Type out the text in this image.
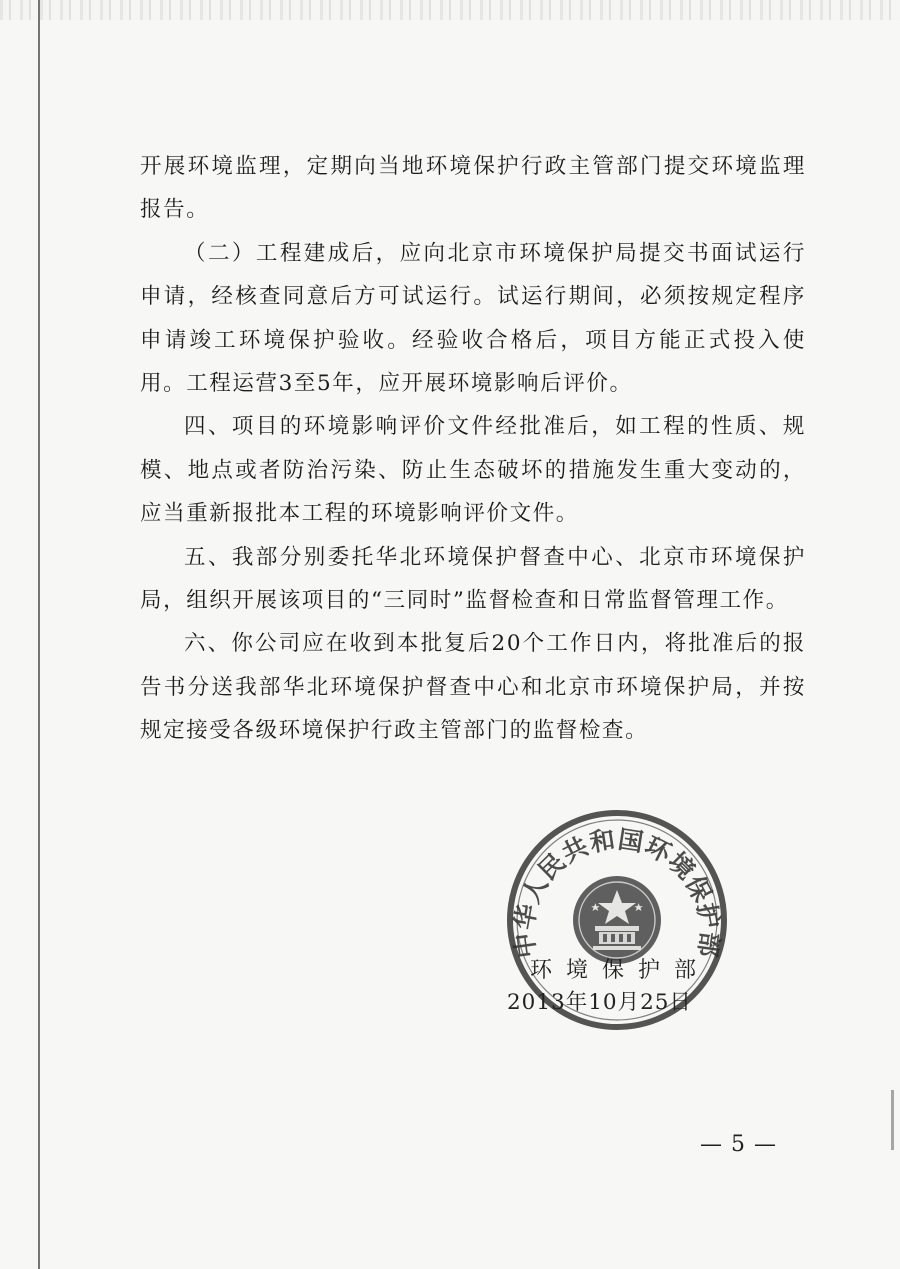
开展环境监理，定期向当地环境保护行政主管部门提交环境监理报告。

（二）工程建成后，应向北京市环境保护局提交书面试运行申请，经核查同意后方可试运行。试运行期间，必须按规定程序申请竣工环境保护验收。经验收合格后，项目方能正式投入使用。工程运营3至5年，应开展环境影响后评价。

四、项目的环境影响评价文件经批准后，如工程的性质、规模、地点或者防治污染、防止生态破坏的措施发生重大变动的，应当重新报批本工程的环境影响评价文件。

五、我部分别委托华北环境保护督查中心、北京市环境保护局，组织开展该项目的“三同时”监督检查和日常监督管理工作。

六、你公司应在收到本批复后20个工作日内，将批准后的报告书分送我部华北环境保护督查中心和北京市环境保护局，并按规定接受各级环境保护行政主管部门的监督检查。

中华人民共和国环境保护部
环境保护部
2013年10月25日
— 5 —
